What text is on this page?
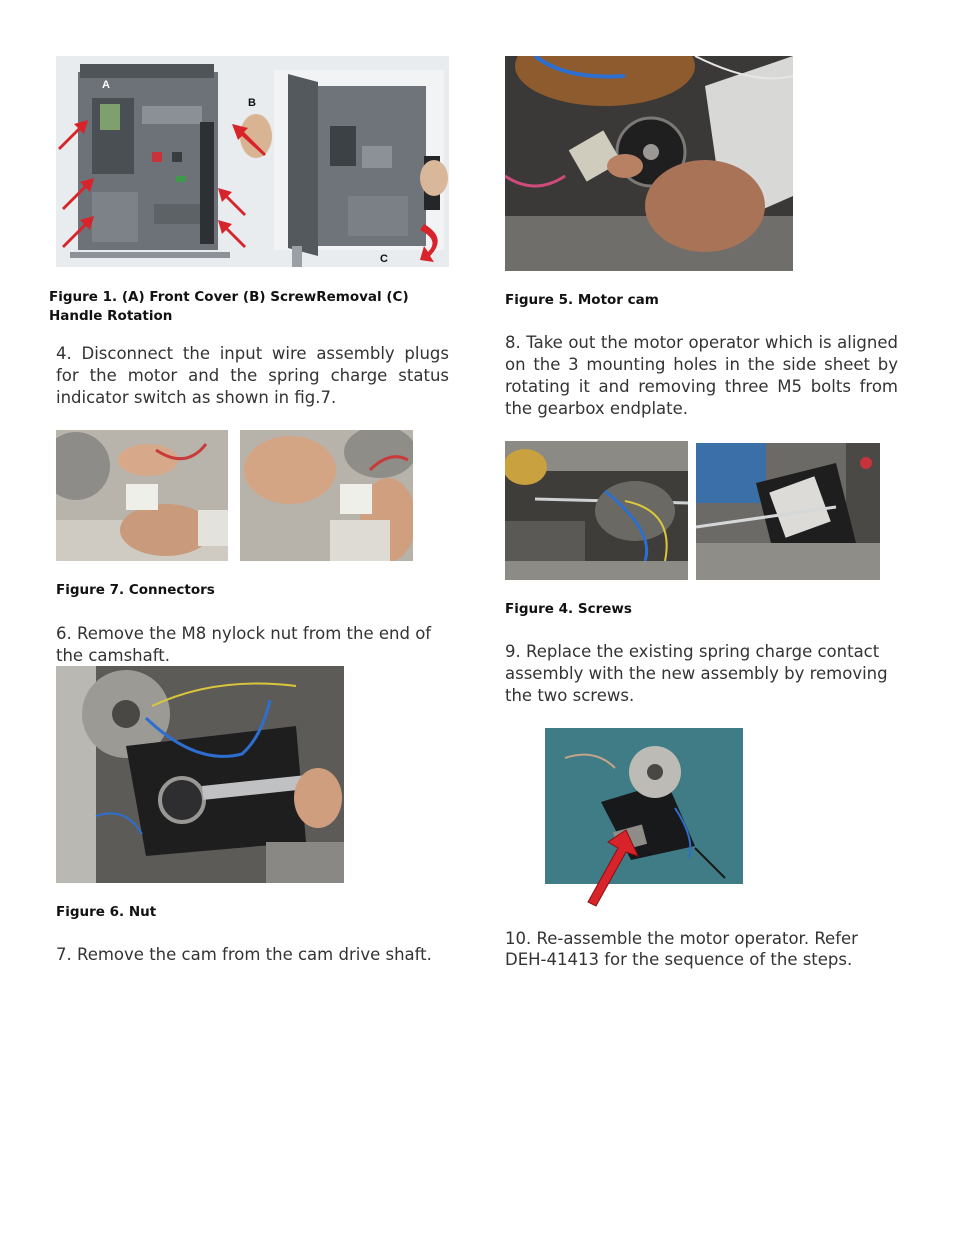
A
B
C
Figure 1. (A) Front Cover (B) ScrewRemoval (C) Handle Rotation
4. Disconnect the input wire assembly plugs for the motor and the spring charge status indicator switch as shown in fig.7.
Figure 7. Connectors
6. Remove the M8 nylock nut from the end of the camshaft.
Figure 6. Nut
7. Remove the cam from the cam drive shaft.
Figure 5. Motor cam
8. Take out the motor operator which is aligned on the 3 mounting holes in the side sheet by rotating it and removing three M5 bolts from the gearbox endplate.
Figure 4. Screws
9. Replace the existing spring charge contact assembly with the new assembly by removing the two screws.
10. Re-assemble the motor operator. Refer DEH-41413 for the sequence of the steps.
